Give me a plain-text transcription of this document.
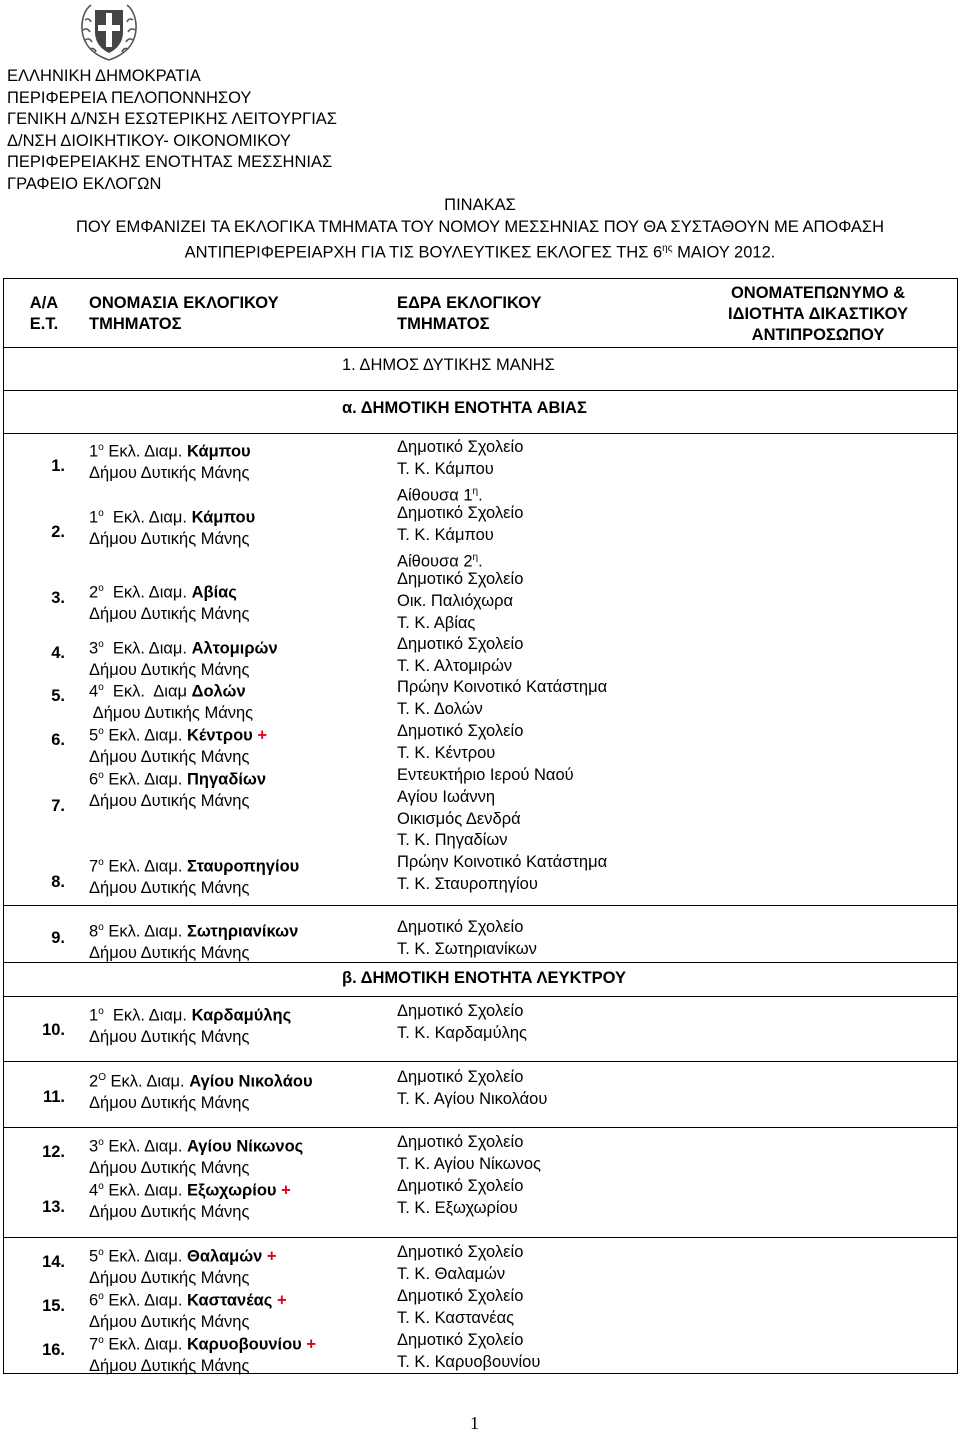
ΕΛΛΗΝΙΚΗ ΔΗΜΟΚΡΑΤΙΑ
ΠΕΡΙΦΕΡΕΙΑ ΠΕΛΟΠΟΝΝΗΣΟΥ
ΓΕΝΙΚΗ Δ/ΝΣΗ ΕΣΩΤΕΡΙΚΗΣ ΛΕΙΤΟΥΡΓΙΑΣ
Δ/ΝΣΗ ΔΙΟΙΚΗΤΙΚΟΥ- ΟΙΚΟΝΟΜΙΚΟΥ
ΠΕΡΙΦΕΡΕΙΑΚΗΣ ΕΝΟΤΗΤΑΣ ΜΕΣΣΗΝΙΑΣ
ΓΡΑΦΕΙΟ ΕΚΛΟΓΩΝ
ΠΙΝΑΚΑΣ
ΠΟΥ ΕΜΦΑΝΙΖΕΙ ΤΑ ΕΚΛΟΓΙΚΑ ΤΜΗΜΑΤΑ ΤΟΥ ΝΟΜΟΥ ΜΕΣΣΗΝΙΑΣ ΠΟΥ ΘΑ ΣΥΣΤΑΘΟΥΝ ΜΕ ΑΠΟΦΑΣΗ
ΑΝΤΙΠΕΡΙΦΕΡΕΙΑΡΧΗ ΓΙΑ ΤΙΣ ΒΟΥΛΕΥΤΙΚΕΣ ΕΚΛΟΓΕΣ ΤΗΣ $6^{\eta\varsigma}$ ΜΑΙΟΥ 2012.
Α/Α
Ε.Τ.
ΟΝΟΜΑΣΙΑ ΕΚΛΟΓΙΚΟΥ
ΤΜΗΜΑΤΟΣ
ΕΔΡΑ ΕΚΛΟΓΙΚΟΥ
ΤΜΗΜΑΤΟΣ
ΟΝΟΜΑΤΕΠΩΝΥΜΟ &
ΙΔΙΟΤΗΤΑ ΔΙΚΑΣΤΙΚΟΥ
ΑΝΤΙΠΡΟΣΩΠΟΥ
1. ΔΗΜΟΣ ΔΥΤΙΚΗΣ ΜΑΝΗΣ
α. ΔΗΜΟΤΙΚΗ ΕΝΟΤΗΤΑ ΑΒΙΑΣ
β. ΔΗΜΟΤΙΚΗ ΕΝΟΤΗΤΑ ΛΕΥΚΤΡΟΥ
1.
2.
3.
4.
5.
6.
7.
8.
9.
10.
11.
12.
13.
14.
15.
16.
$1^o$ Εκλ. Διαμ. Κάμπου
Δήμου Δυτικής Μάνης
$1^o$  Εκλ. Διαμ. Κάμπου
Δήμου Δυτικής Μάνης
$2^o$  Εκλ. Διαμ. Αβίας
Δήμου Δυτικής Μάνης
$3^o$  Εκλ. Διαμ. Αλτομιρών
Δήμου Δυτικής Μάνης
$4^o$  Εκλ.  Διαμ Δολών
Δήμου Δυτικής Μάνης
$5^o$ Εκλ. Διαμ. Κέντρου +
Δήμου Δυτικής Μάνης
$6^o$ Εκλ. Διαμ. Πηγαδίων
Δήμου Δυτικής Μάνης
$7^o$ Εκλ. Διαμ. Σταυροπηγίου
Δήμου Δυτικής Μάνης
$8^o$ Εκλ. Διαμ. Σωτηριανίκων
Δήμου Δυτικής Μάνης
$1^o$  Εκλ. Διαμ. Καρδαμύλης
Δήμου Δυτικής Μάνης
$2^O$ Εκλ. Διαμ. Αγίου Νικολάου
Δήμου Δυτικής Μάνης
$3^o$ Εκλ. Διαμ. Αγίου Νίκωνος
Δήμου Δυτικής Μάνης
$4^o$ Εκλ. Διαμ. Εξωχωρίου +
Δήμου Δυτικής Μάνης
$5^o$ Εκλ. Διαμ. Θαλαμών +
Δήμου Δυτικής Μάνης
$6^o$ Εκλ. Διαμ. Καστανέας +
Δήμου Δυτικής Μάνης
$7^o$ Εκλ. Διαμ. Καρυοβουνίου +
Δήμου Δυτικής Μάνης
Δημοτικό Σχολείο
Τ. Κ. Κάμπου
Αίθουσα $1^\eta$.
Δημοτικό Σχολείο
Τ. Κ. Κάμπου
Αίθουσα $2^\eta$.
Δημοτικό Σχολείο
Οικ. Παλιόχωρα
Τ. Κ. Αβίας
Δημοτικό Σχολείο
Τ. Κ. Αλτομιρών
Πρώην Κοινοτικό Κατάστημα
Τ. Κ. Δολών
Δημοτικό Σχολείο
Τ. Κ. Κέντρου
Εντευκτήριο Ιερού Ναού
Αγίου Ιωάννη
Οικισμός Δενδρά
Τ. Κ. Πηγαδίων
Πρώην Κοινοτικό Κατάστημα
Τ. Κ. Σταυροπηγίου
Δημοτικό Σχολείο
Τ. Κ. Σωτηριανίκων
Δημοτικό Σχολείο
Τ. Κ. Καρδαμύλης
Δημοτικό Σχολείο
Τ. Κ. Αγίου Νικολάου
Δημοτικό Σχολείο
Τ. Κ. Αγίου Νίκωνος
Δημοτικό Σχολείο
Τ. Κ. Εξωχωρίου
Δημοτικό Σχολείο
Τ. Κ. Θαλαμών
Δημοτικό Σχολείο
Τ. Κ. Καστανέας
Δημοτικό Σχολείο
Τ. Κ. Καρυοβουνίου
1
